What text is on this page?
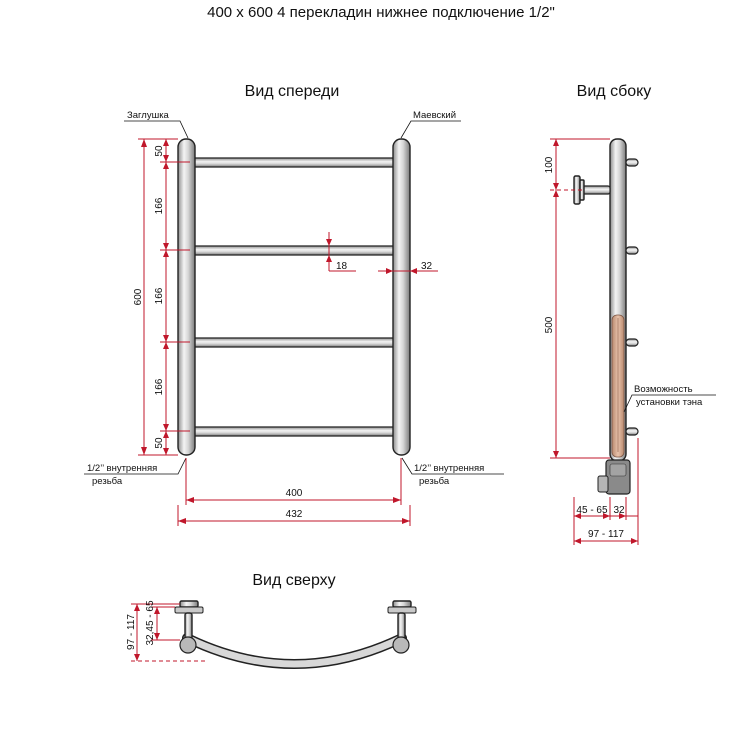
400 x 600 4 перекладин нижнее подключение 1/2"
Вид спереди	Вид сбоку
Вид сверху
Заглушка	Маевский
1/2’’ внутренняя
резьба
1/2’’ внутренняя
резьба
600
50
166
166
166
50
18	32
400
432
100
500
Возможность
установки тэна
45 - 65 32
97 - 117
97 - 117 32,45 - 65
